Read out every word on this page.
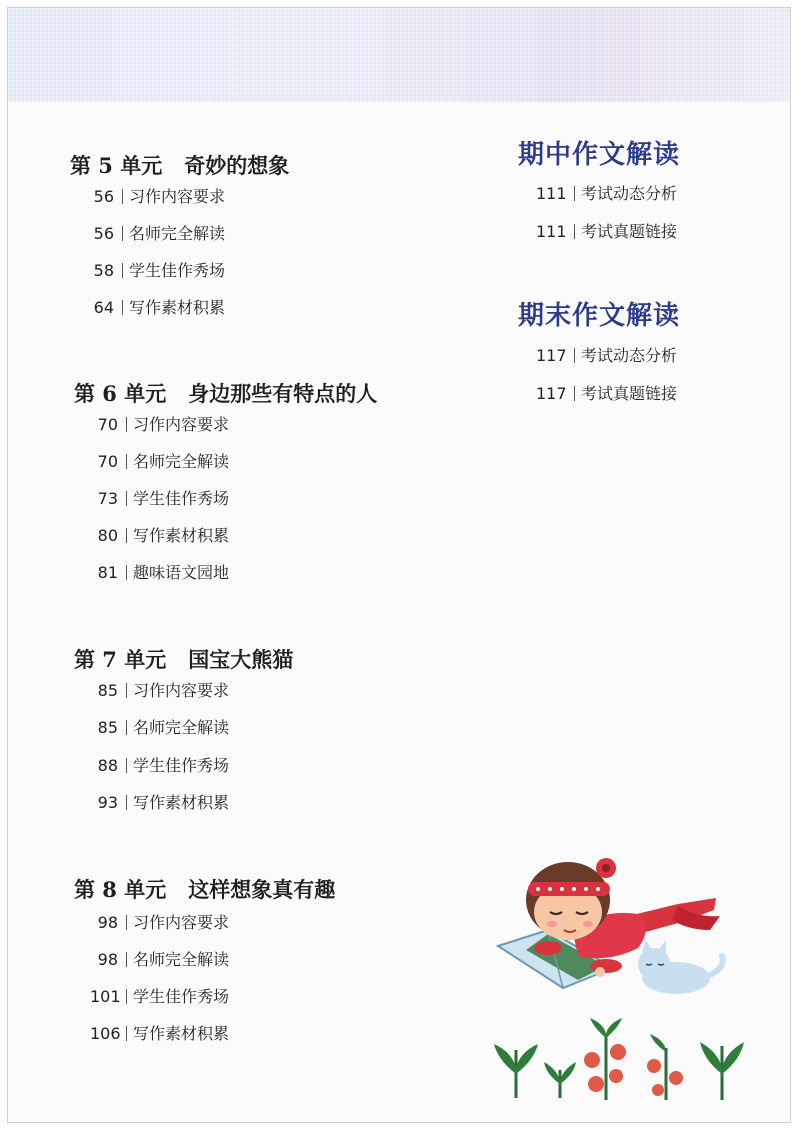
第 5 单元 奇妙的想象
56 习作内容要求
56 名师完全解读
58 学生佳作秀场
64 写作素材积累
第 6 单元 身边那些有特点的人
70 习作内容要求
70 名师完全解读
73 学生佳作秀场
80 写作素材积累
81 趣味语文园地
第 7 单元 国宝大熊猫
85 习作内容要求
85 名师完全解读
88 学生佳作秀场
93 写作素材积累
第 8 单元 这样想象真有趣
98 习作内容要求
98 名师完全解读
101 学生佳作秀场
106 写作素材积累
期中作文解读
111 考试动态分析
111 考试真题链接
期末作文解读
117 考试动态分析
117 考试真题链接
